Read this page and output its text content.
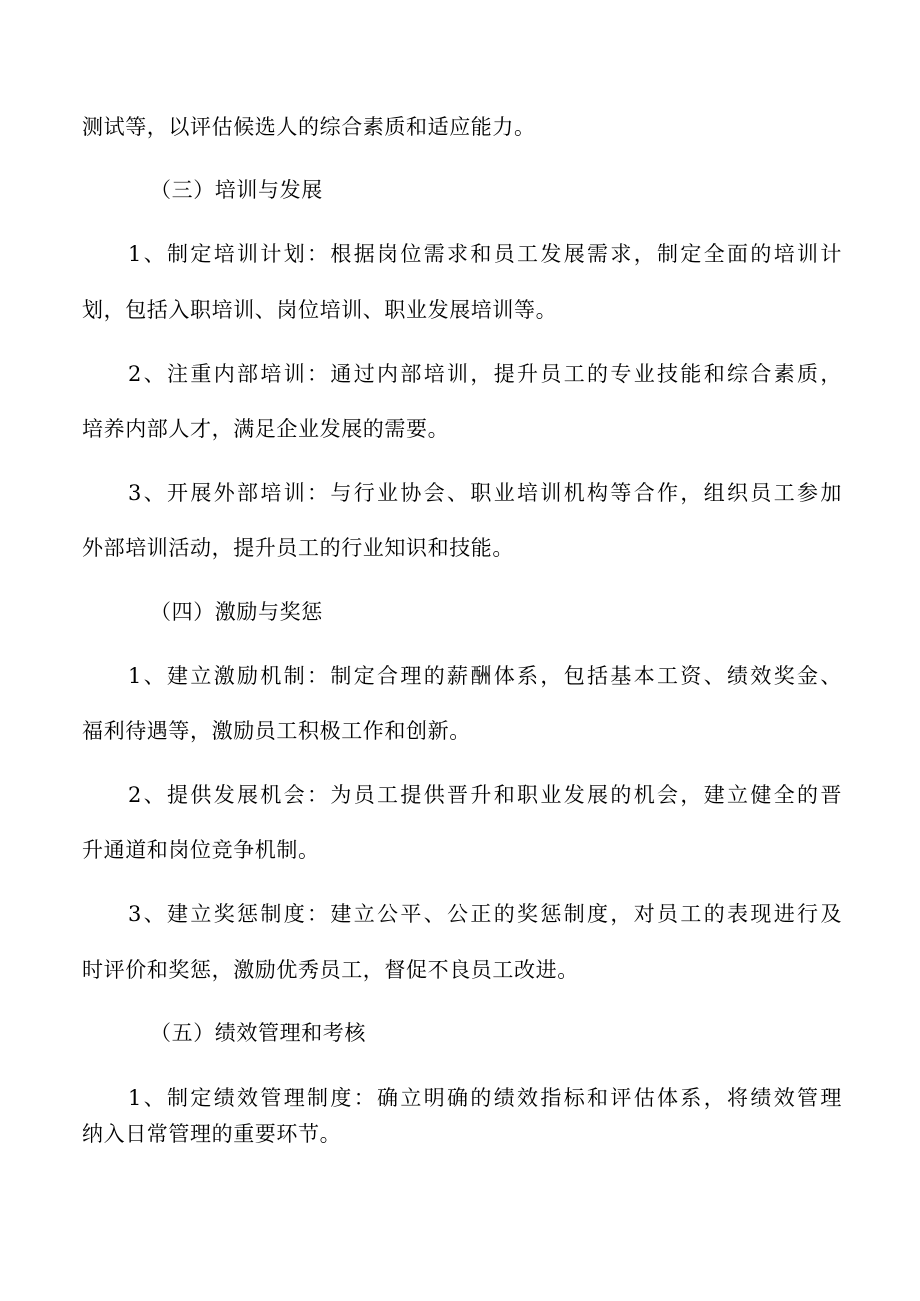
测试等，以评估候选人的综合素质和适应能力。
（三）培训与发展
1、制定培训计划：根据岗位需求和员工发展需求，制定全面的培训计
划，包括入职培训、岗位培训、职业发展培训等。
2、注重内部培训：通过内部培训，提升员工的专业技能和综合素质，
培养内部人才，满足企业发展的需要。
3、开展外部培训：与行业协会、职业培训机构等合作，组织员工参加
外部培训活动，提升员工的行业知识和技能。
（四）激励与奖惩
1、建立激励机制：制定合理的薪酬体系，包括基本工资、绩效奖金、
福利待遇等，激励员工积极工作和创新。
2、提供发展机会：为员工提供晋升和职业发展的机会，建立健全的晋
升通道和岗位竞争机制。
3、建立奖惩制度：建立公平、公正的奖惩制度，对员工的表现进行及
时评价和奖惩，激励优秀员工，督促不良员工改进。
（五）绩效管理和考核
1、制定绩效管理制度：确立明确的绩效指标和评估体系，将绩效管理
纳入日常管理的重要环节。
